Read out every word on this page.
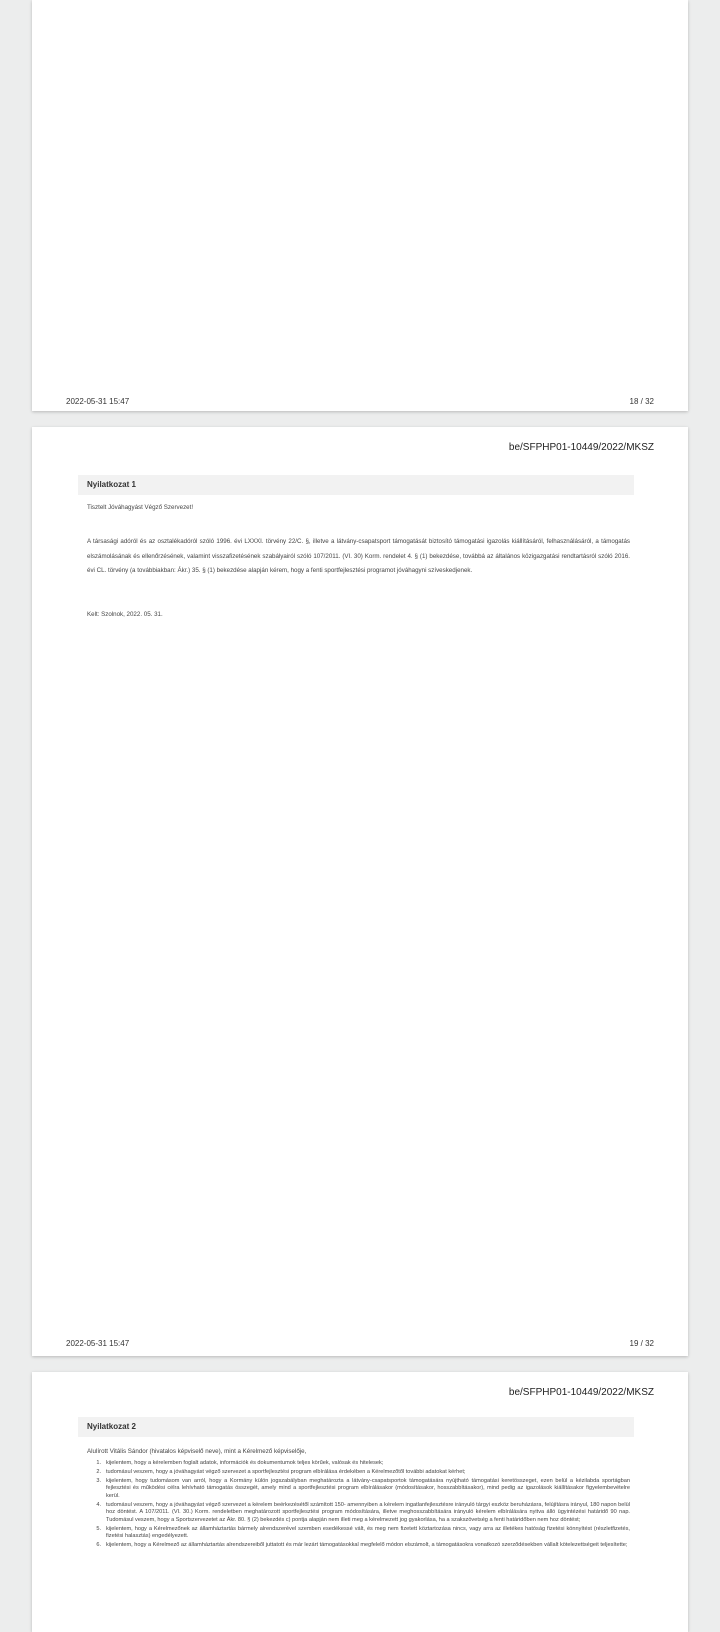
2022-05-31 15:47	18 / 32
be/SFPHP01-10449/2022/MKSZ
Nyilatkozat 1
Tisztelt Jóváhagyást Végző Szervezet!
A társasági adóról és az osztalékadóról szóló 1996. évi LXXXI. törvény 22/C. §, illetve a látvány-csapatsport támogatását biztosító támogatási igazolás kiállításáról, felhasználásáról, a támogatás elszámolásának és ellenőrzésének, valamint visszafizetésének szabályairól szóló 107/2011. (VI. 30) Korm. rendelet 4. § (1) bekezdése, továbbá az általános közigazgatási rendtartásról szóló 2016. évi CL. törvény (a továbbiakban: Ákr.) 35. § (1) bekezdése alapján kérem, hogy a fenti sportfejlesztési programot jóváhagyni szíveskedjenek.
Kelt: Szolnok, 2022. 05. 31.
2022-05-31 15:47	19 / 32
be/SFPHP01-10449/2022/MKSZ
Nyilatkozat 2
Alulírott Vitális Sándor (hivatalos képviselő neve), mint a Kérelmező képviselője,
1. kijelentem, hogy a kérelemben foglalt adatok, információk és dokumentumok teljes körűek, valósak és hitelesek;
2. tudomásul veszem, hogy a jóváhagyást végző szervezet a sportfejlesztési program elbírálása érdekében a Kérelmezőtől további adatokat kérhet;
3. kijelentem, hogy tudomásom van arról, hogy a Kormány külön jogszabályban meghatározta a látvány-csapatsportok támogatására nyújtható támogatási keretösszeget, ezen belül a kézilabda sportágban fejlesztési és működési célra lehívható támogatás összegét, amely mind a sportfejlesztési program elbírálásakor (módosításakor, hosszabbításakor), mind pedig az igazolások kiállításakor figyelembevételre kerül.
4. tudomásul veszem, hogy a jóváhagyást végző szervezet a kérelem beérkezésétől számított 150- amennyiben a kérelem ingatlanfejlesztésre irányuló tárgyi eszköz beruházásra, felújításra irányul, 180 napon belül hoz döntést. A 107/2011. (VI. 30.) Korm. rendeletben meghatározott sportfejlesztési program módosítására, illetve meghosszabbítására irányuló kérelem elbírálására nyitva álló ügyintézési határidő 90 nap. Tudomásul veszem, hogy a Sportszervezetet az Ákr. 80. § (2) bekezdés c) pontja alapján nem illeti meg a kérelmezett jog gyakorlása, ha a szakszövetség a fenti határidőben nem hoz döntést;
5. kijelentem, hogy a Kérelmezőnek az államháztartás bármely alrendszerével szemben esedékessé vált, és meg nem fizetett köztartozása nincs, vagy arra az illetékes hatóság fizetési könnyítést (részletfizetés, fizetési halasztás) engedélyezett.
6. kijelentem, hogy a Kérelmező az államháztartás alrendszereiből juttatott és már lezárt támogatásokkal megfelelő módon elszámolt, a támogatásokra vonatkozó szerződésekben vállalt kötelezettségeit teljesítette;
